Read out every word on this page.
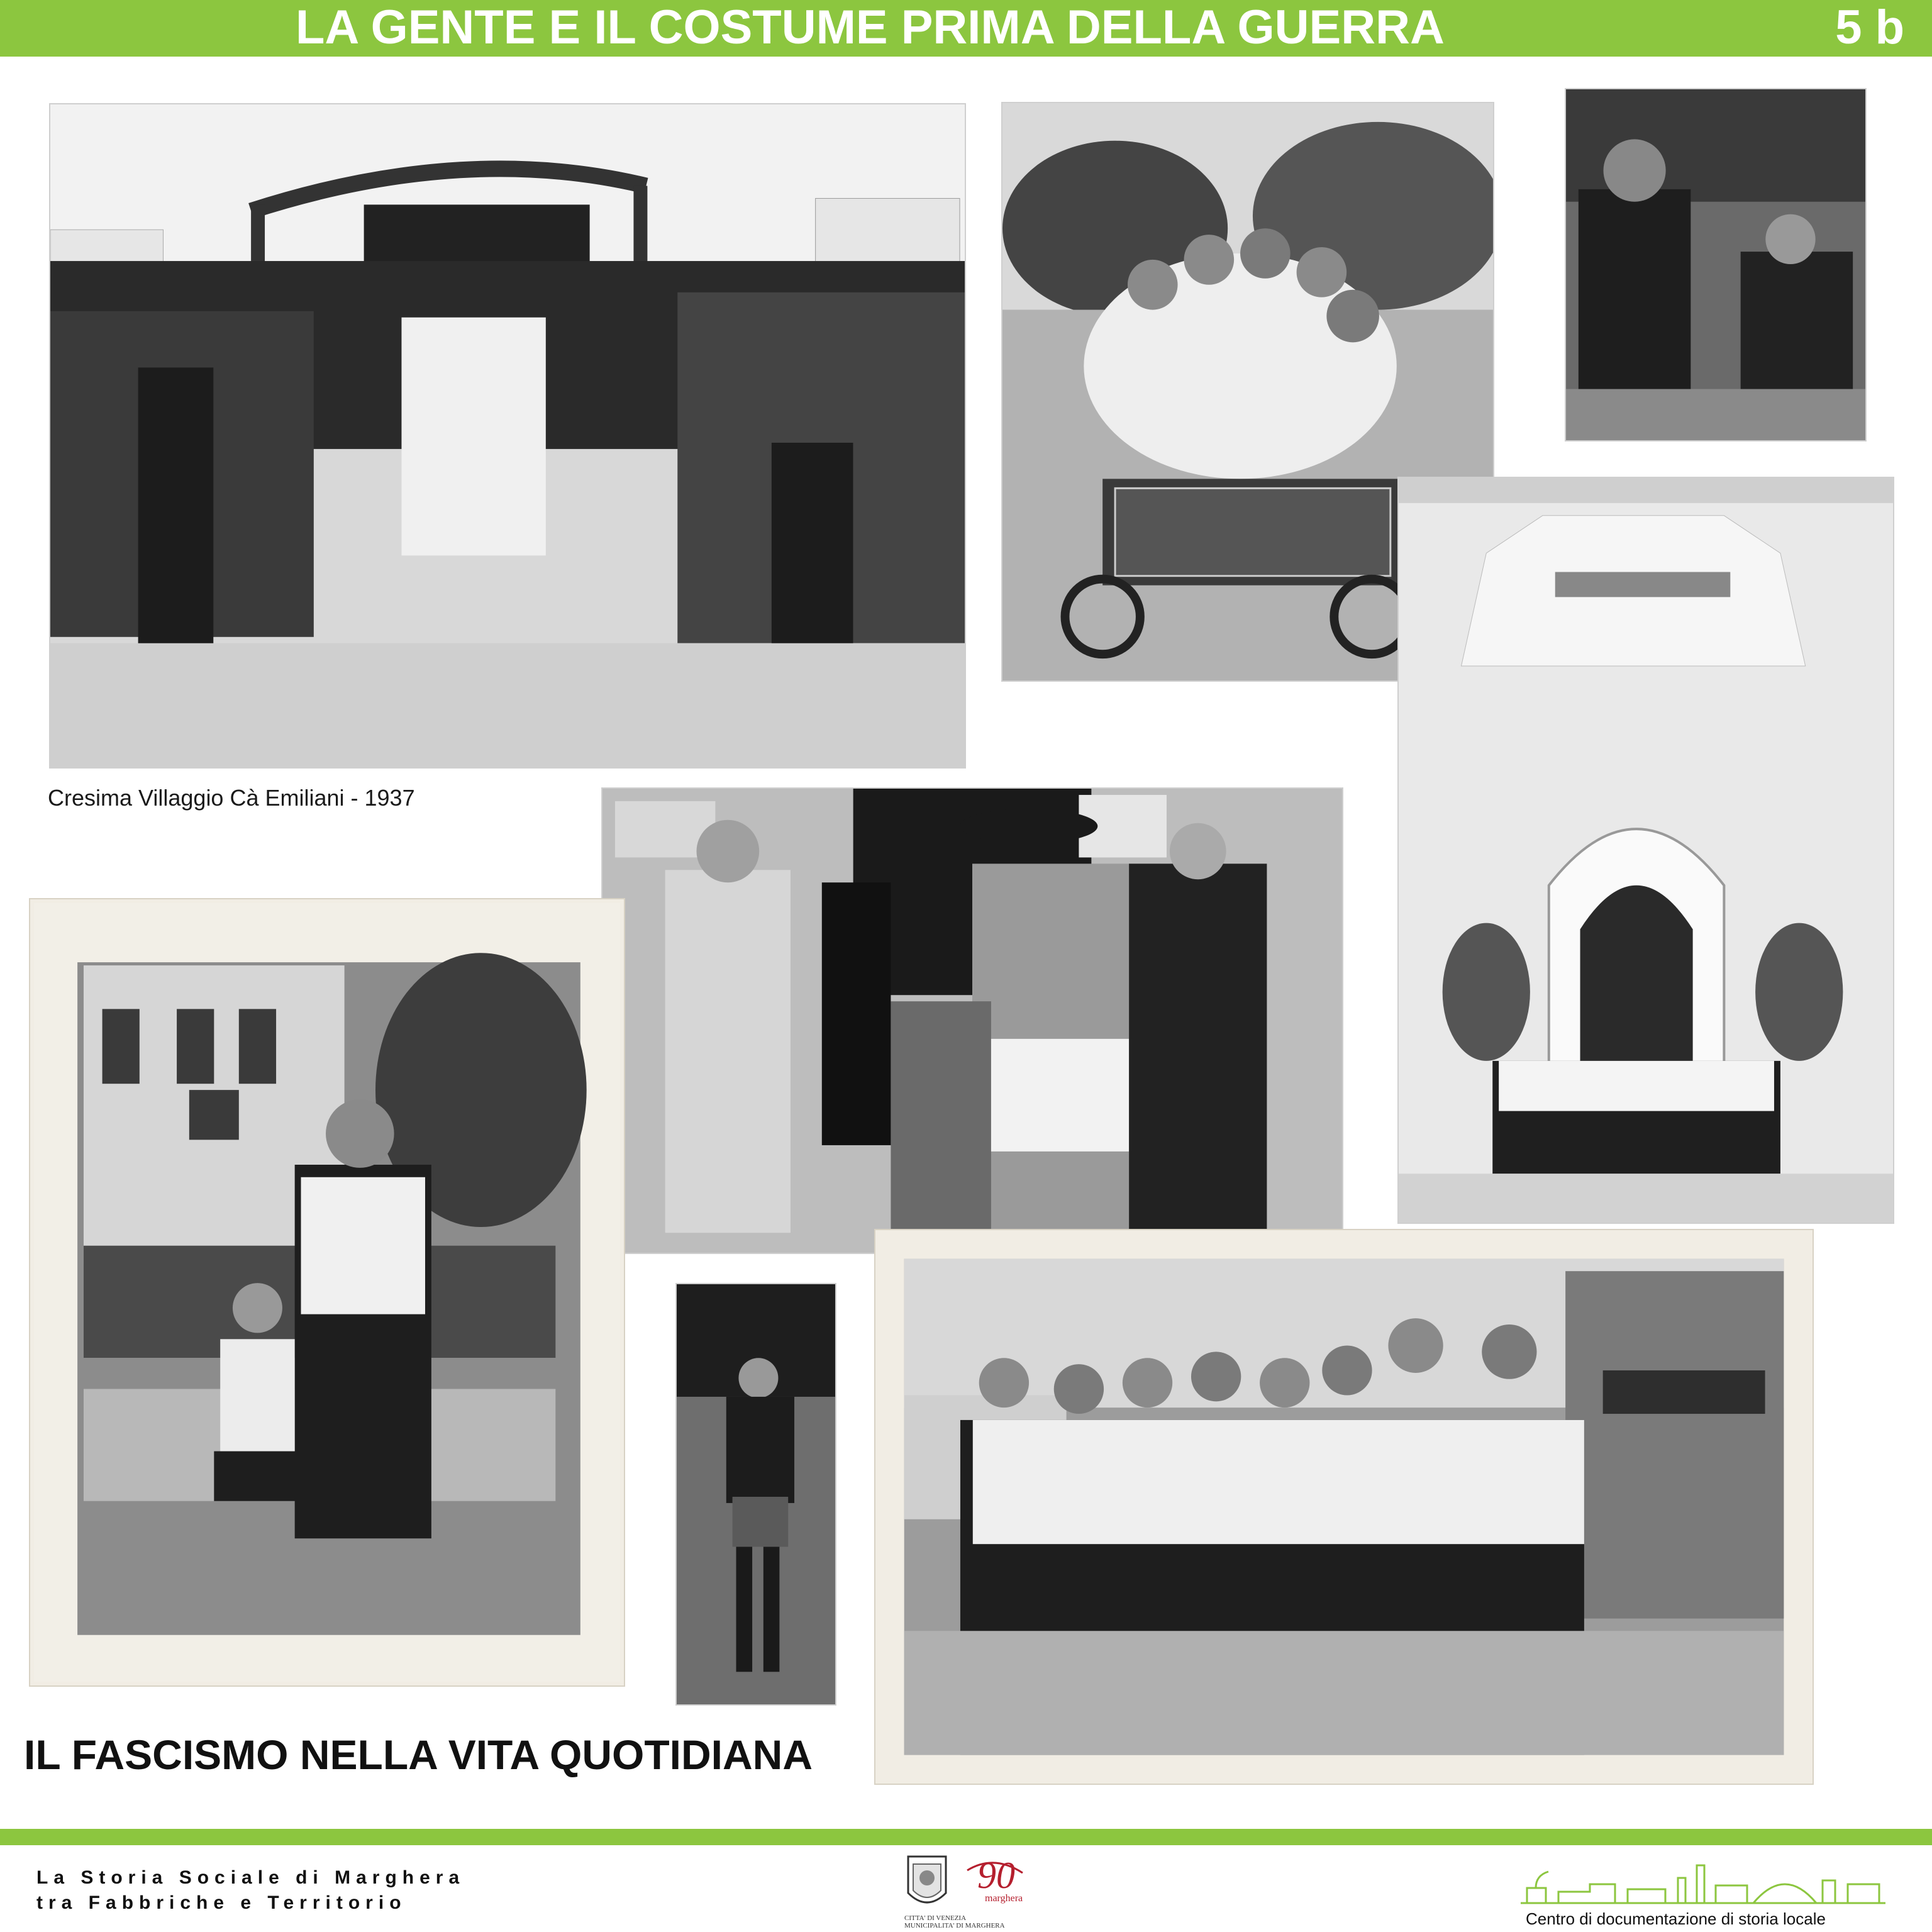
LA GENTE E IL COSTUME PRIMA DELLA GUERRA	5 b
Cresima Villaggio Cà Emiliani - 1937
IL FASCISMO NELLA VITA QUOTIDIANA
La Storia Sociale di Marghera
tra Fabbriche e Territorio
90
marghera
CITTA' DI VENEZIA
MUNICIPALITA' DI MARGHERA	Centro di documentazione di storia locale
